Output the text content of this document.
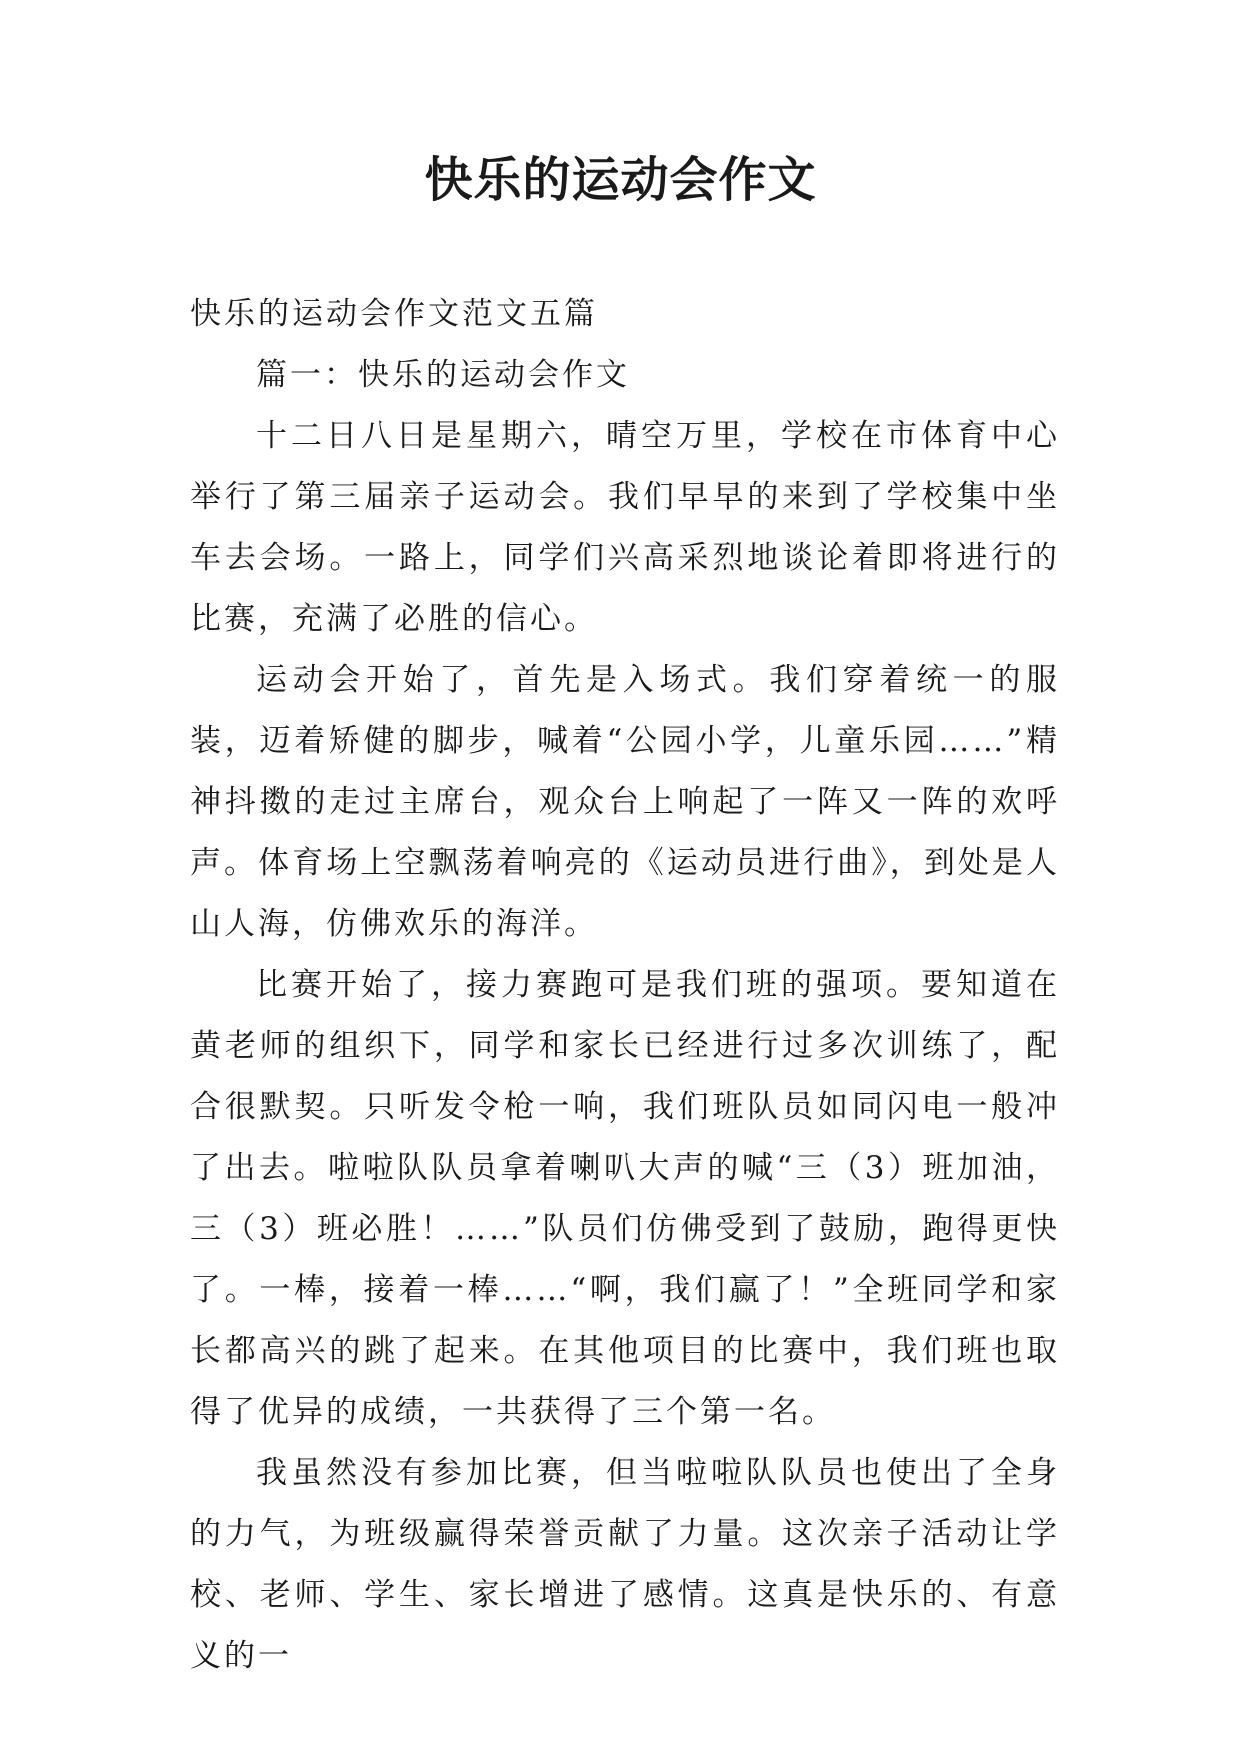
快乐的运动会作文

快乐的运动会作文范文五篇

篇一：快乐的运动会作文

十二日八日是星期六，晴空万里，学校在市体育中心举行了第三届亲子运动会。我们早早的来到了学校集中坐车去会场。一路上，同学们兴高采烈地谈论着即将进行的比赛，充满了必胜的信心。

运动会开始了，首先是入场式。我们穿着统一的服装，迈着矫健的脚步，喊着“公园小学，儿童乐园……”精神抖擞的走过主席台，观众台上响起了一阵又一阵的欢呼声。体育场上空飘荡着响亮的《运动员进行曲》，到处是人山人海，仿佛欢乐的海洋。

比赛开始了，接力赛跑可是我们班的强项。要知道在黄老师的组织下，同学和家长已经进行过多次训练了，配合很默契。只听发令枪一响，我们班队员如同闪电一般冲了出去。啦啦队队员拿着喇叭大声的喊“三（3）班加油，三（3）班必胜！……”队员们仿佛受到了鼓励，跑得更快了。一棒，接着一棒……“啊，我们赢了！”全班同学和家长都高兴的跳了起来。在其他项目的比赛中，我们班也取得了优异的成绩，一共获得了三个第一名。

我虽然没有参加比赛，但当啦啦队队员也使出了全身的力气，为班级赢得荣誉贡献了力量。这次亲子活动让学校、老师、学生、家长增进了感情。这真是快乐的、有意义的一
